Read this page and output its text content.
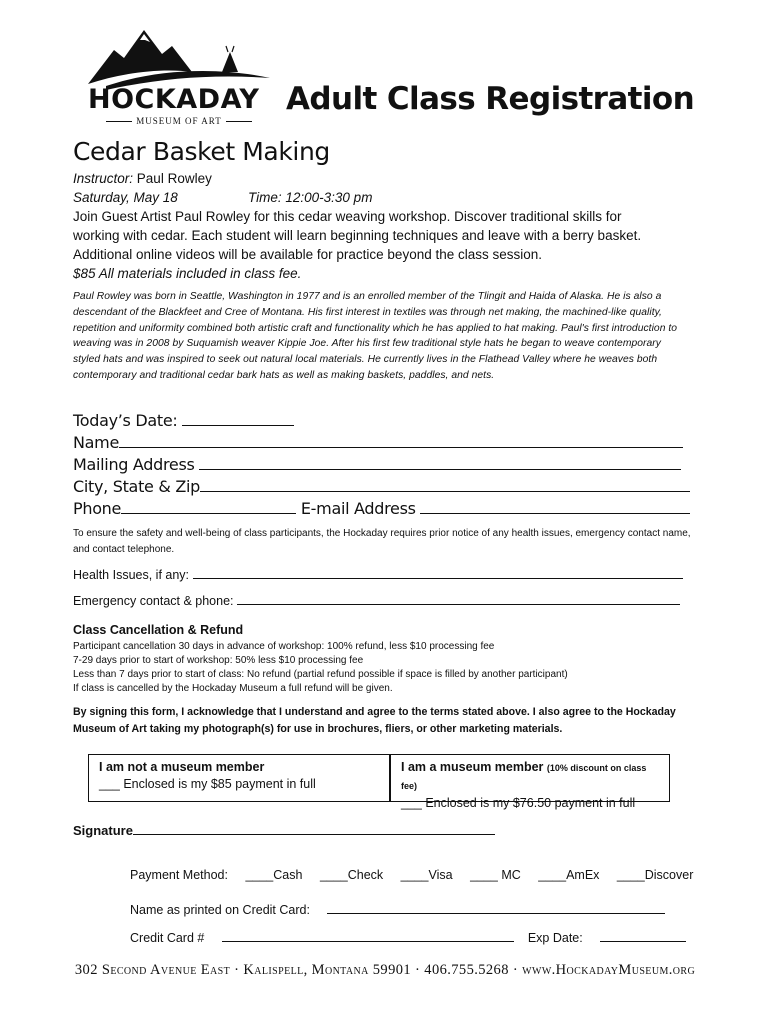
HOCKADAY
MUSEUM OF ART
Adult Class Registration
Cedar Basket Making
Instructor: Paul Rowley
Saturday, May 18	Time: 12:00-3:30 pm
Join Guest Artist Paul Rowley for this cedar weaving workshop. Discover traditional skills for
working with cedar. Each student will learn beginning techniques and leave with a berry basket.
Additional online videos will be available for practice beyond the class session.
$85 All materials included in class fee.
Paul Rowley was born in Seattle, Washington in 1977 and is an enrolled member of the Tlingit and Haida of Alaska. He is also a descendant of the Blackfeet and Cree of Montana. His first interest in textiles was through net making, the machined-like quality, repetition and uniformity combined both artistic craft and functionality which he has applied to hat making. Paul's first introduction to weaving was in 2008 by Suquamish weaver Kippie Joe. After his first few traditional style hats he began to weave contemporary styled hats and was inspired to seek out natural local materials. He currently lives in the Flathead Valley where he weaves both contemporary and traditional cedar bark hats as well as making baskets, paddles, and nets.
Today’s Date:
Name
Mailing Address
City, State & Zip
Phone	E-mail Address
To ensure the safety and well-being of class participants, the Hockaday requires prior notice of any health issues, emergency contact name, and contact telephone.
Health Issues, if any:
Emergency contact & phone:
Class Cancellation & Refund
Participant cancellation 30 days in advance of workshop: 100% refund, less $10 processing fee
7-29 days prior to start of workshop: 50% less $10 processing fee
Less than 7 days prior to start of class: No refund (partial refund possible if space is filled by another participant)
If class is cancelled by the Hockaday Museum a full refund will be given.
By signing this form, I acknowledge that I understand and agree to the terms stated above. I also agree to the Hockaday Museum of Art taking my photograph(s) for use in brochures, fliers, or other marketing materials.
I am not a museum member
___ Enclosed is my $85 payment in full
I am a museum member (10% discount on class fee)
___ Enclosed is my $76.50 payment in full
Signature
Payment Method: ____Cash ____Check ____Visa ____ MC ____AmEx ____Discover
Name as printed on Credit Card:
Credit Card #	Exp Date:
302 Second Avenue East · Kalispell, Montana 59901 · 406.755.5268 · www.HockadayMuseum.org
